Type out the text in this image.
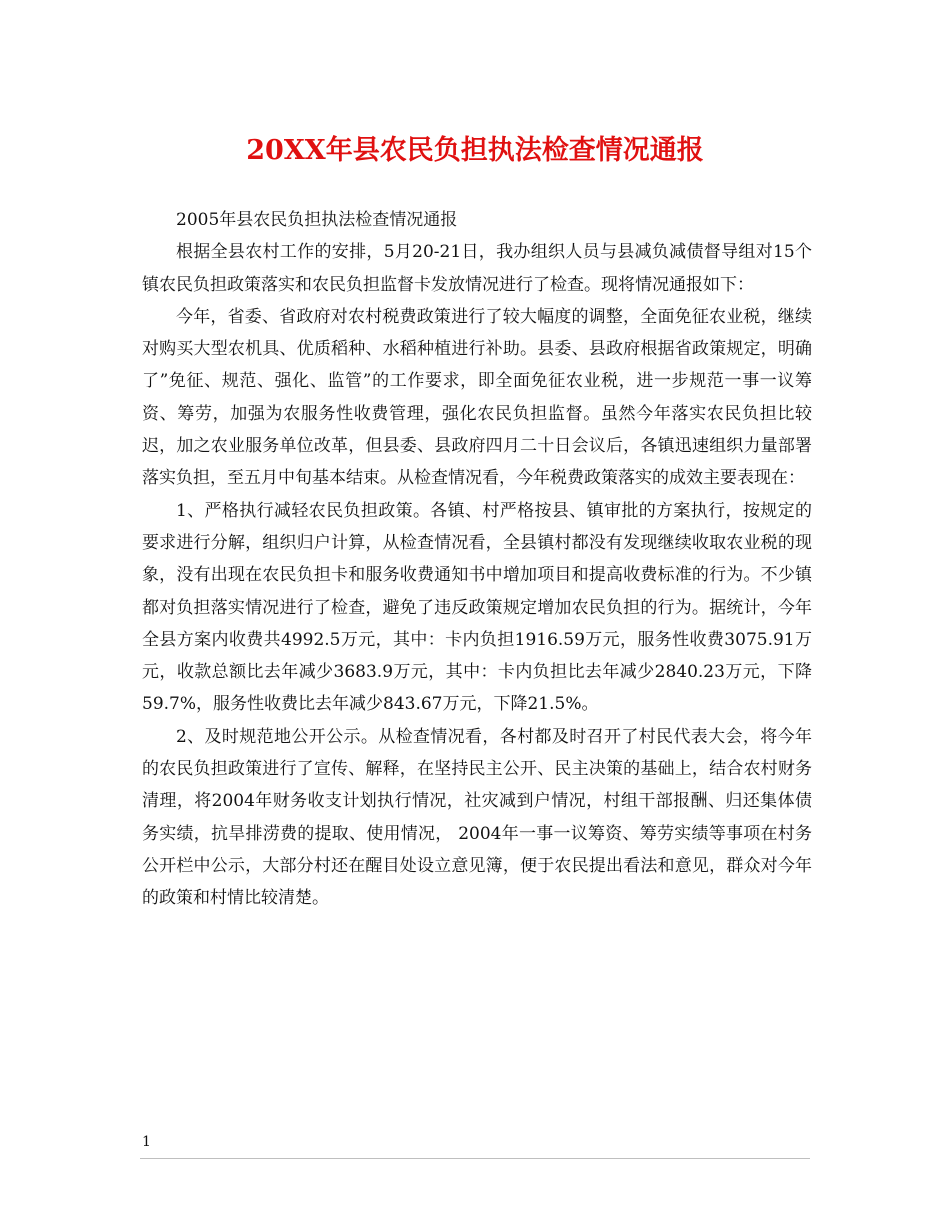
20XX年县农民负担执法检查情况通报

2005年县农民负担执法检查情况通报

根据全县农村工作的安排，5月20-21日，我办组织人员与县减负减债督导组对15个镇农民负担政策落实和农民负担监督卡发放情况进行了检查。现将情况通报如下：

今年，省委、省政府对农村税费政策进行了较大幅度的调整，全面免征农业税，继续对购买大型农机具、优质稻种、水稻种植进行补助。县委、县政府根据省政策规定，明确了”免征、规范、强化、监管”的工作要求，即全面免征农业税，进一步规范一事一议筹资、筹劳，加强为农服务性收费管理，强化农民负担监督。虽然今年落实农民负担比较迟，加之农业服务单位改革，但县委、县政府四月二十日会议后，各镇迅速组织力量部署落实负担，至五月中旬基本结束。从检查情况看，今年税费政策落实的成效主要表现在：

1、严格执行减轻农民负担政策。各镇、村严格按县、镇审批的方案执行，按规定的要求进行分解，组织归户计算，从检查情况看，全县镇村都没有发现继续收取农业税的现象，没有出现在农民负担卡和服务收费通知书中增加项目和提高收费标准的行为。不少镇都对负担落实情况进行了检查，避免了违反政策规定增加农民负担的行为。据统计，今年全县方案内收费共4992.5万元，其中：卡内负担1916.59万元，服务性收费3075.91万元，收款总额比去年减少3683.9万元，其中：卡内负担比去年减少2840.23万元，下降59.7%，服务性收费比去年减少843.67万元，下降21.5%。

2、及时规范地公开公示。从检查情况看，各村都及时召开了村民代表大会，将今年的农民负担政策进行了宣传、解释，在坚持民主公开、民主决策的基础上，结合农村财务清理，将2004年财务收支计划执行情况，社灾减到户情况，村组干部报酬、归还集体债务实绩，抗旱排涝费的提取、使用情况， 2004年一事一议筹资、筹劳实绩等事项在村务公开栏中公示，大部分村还在醒目处设立意见簿，便于农民提出看法和意见，群众对今年的政策和村情比较清楚。

1
